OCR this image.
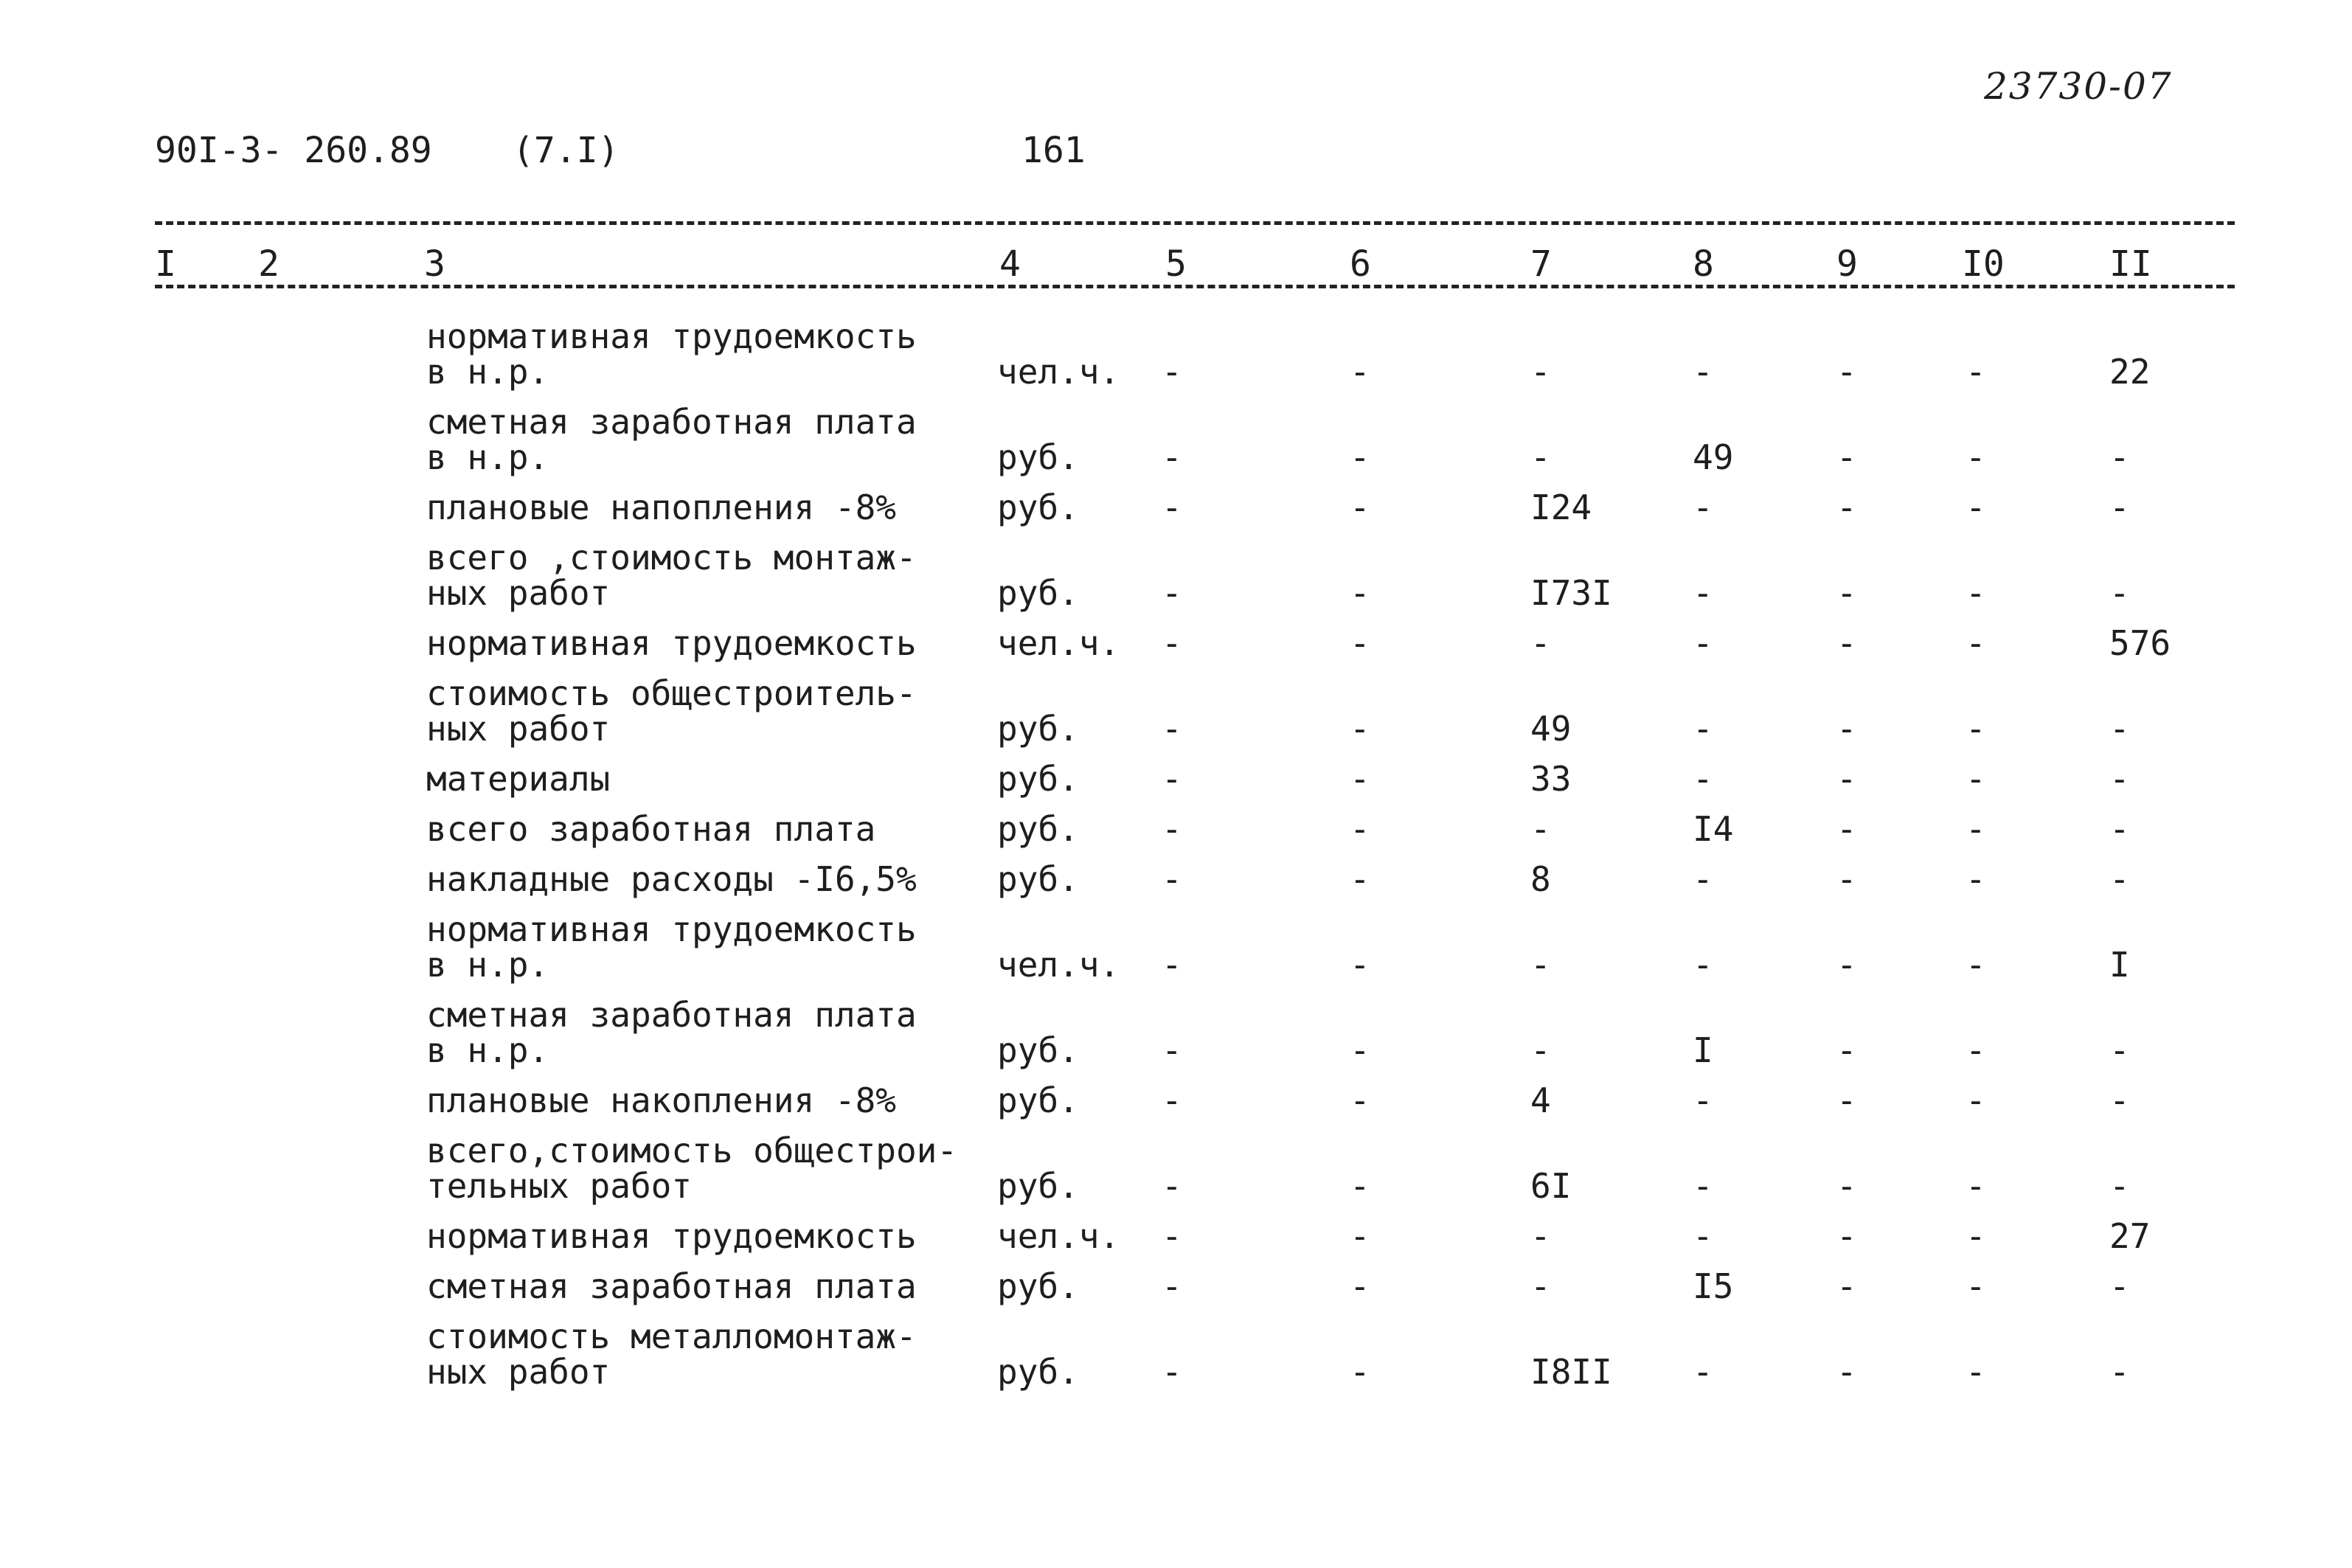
23730-07
90I-3- 260.89 (7.I)	161
I 2	3	4	5	6	7	8	9	I0	II
нормативная трудоемкость
в н.р.	чел.ч. -	-	-	-	-	-	22
сметная заработная плата
в н.р.	руб. -	-	-	49	-	-	-
плановые напопления -8%	руб. -	-	I24	-	-	-	-
всего ,стоимость монтаж-
ных работ	руб. -	-	I73I -	-	-	-
нормативная трудоемкость чел.ч. -	-	-	-	-	-	576
стоимость общестроитель-
ных работ	руб. -	-	49	-	-	-	-
материалы	руб. -	-	33	-	-	-	-
всего заработная плата	руб. -	-	-	I4	-	-	-
накладные расходы -I6,5% руб. -	-	8	-	-	-	-
нормативная трудоемкость
в н.р.	чел.ч. -	-	-	-	-	-	I
сметная заработная плата
в н.р.	руб. -	-	-	I	-	-	-
плановые накопления -8%	руб. -	-	4	-	-	-	-
всего,стоимость общестрои-
тельных работ	руб. -	-	6I	-	-	-	-
нормативная трудоемкость чел.ч. -	-	-	-	-	-	27
сметная заработная плата руб. -	-	-	I5	-	-	-
стоимость металломонтаж-
ных работ	руб. -	-	I8II -	-	-	-
